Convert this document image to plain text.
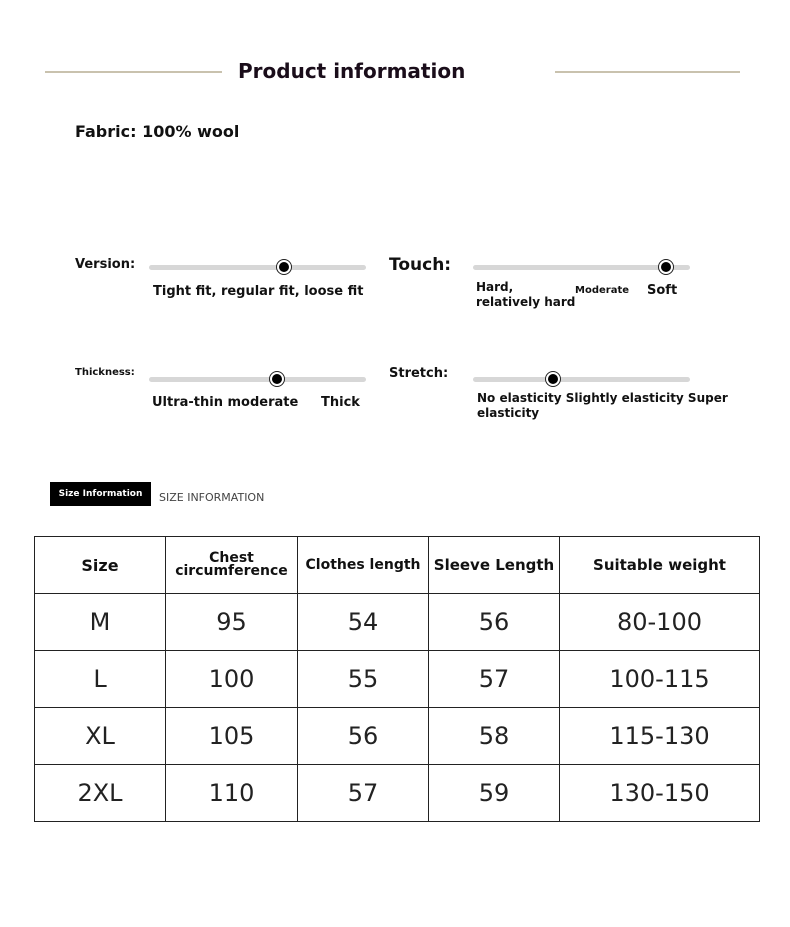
Product information
Fabric: 100% wool
Version:
Tight fit, regular fit, loose fit
Touch:
Hard,
relatively hard
Moderate Soft
Thickness:
Ultra-thin moderate Thick
Stretch:
No elasticity Slightly elasticity Super
elasticity
Size Information	SIZE INFORMATION
Size	Chest circumference	Clothes length	Sleeve Length	Suitable weight
M	95	54	56	80-100
L	100	55	57	100-115
XL	105	56	58	115-130
2XL	110	57	59	130-150
